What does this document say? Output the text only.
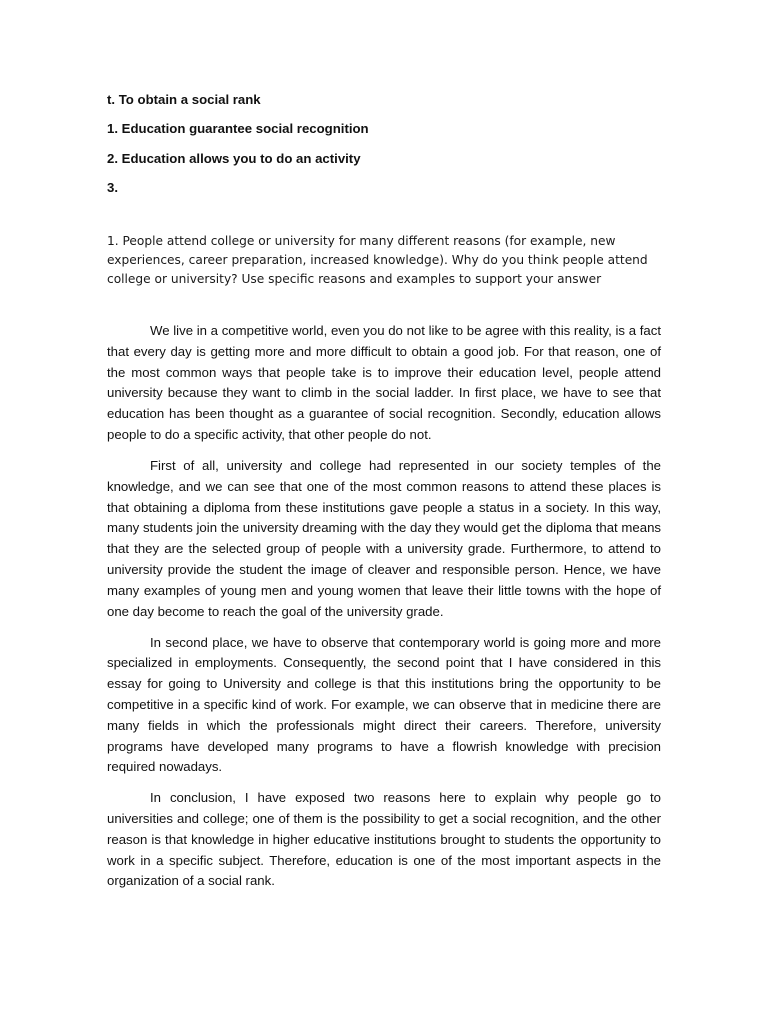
t. To obtain a social rank
1. Education guarantee social recognition
2. Education allows you to do an activity
3.
1. People attend college or university for many different reasons (for example, new experiences, career preparation, increased knowledge). Why do you think people attend college or university? Use specific reasons and examples to support your answer

We live in a competitive world, even you do not like to be agree with this reality, is a fact that every day is getting more and more difficult to obtain a good job. For that reason, one of the most common ways that people take is to improve their education level, people attend university because they want to climb in the social ladder. In first place, we have to see that education has been thought as a guarantee of social recognition. Secondly, education allows people to do a specific activity, that other people do not.

First of all, university and college had represented in our society temples of the knowledge, and we can see that one of the most common reasons to attend these places is that obtaining a diploma from these institutions gave people a status in a society. In this way, many students join the university dreaming with the day they would get the diploma that means that they are the selected group of people with a university grade. Furthermore, to attend to university provide the student the image of cleaver and responsible person. Hence, we have many examples of young men and young women that leave their little towns with the hope of one day become to reach the goal of the university grade.

In second place, we have to observe that contemporary world is going more and more specialized in employments. Consequently, the second point that I have considered in this essay for going to University and college is that this institutions bring the opportunity to be competitive in a specific kind of work. For example, we can observe that in medicine there are many fields in which the professionals might direct their careers. Therefore, university programs have developed many programs to have a flowrish knowledge with precision required nowadays.

In conclusion, I have exposed two reasons here to explain why people go to universities and college; one of them is the possibility to get a social recognition, and the other reason is that knowledge in higher educative institutions brought to students the opportunity to work in a specific subject. Therefore, education is one of the most important aspects in the organization of a social rank.
